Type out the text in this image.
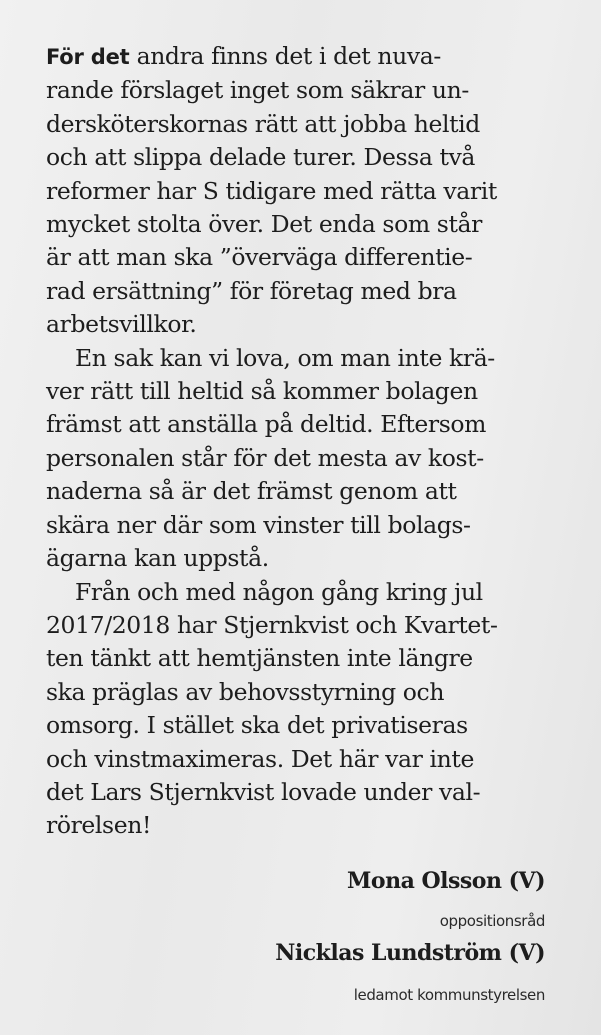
För det andra finns det i det nuva-
rande förslaget inget som säkrar un-
dersköterskornas rätt att jobba heltid
och att slippa delade turer. Dessa två
reformer har S tidigare med rätta varit
mycket stolta över. Det enda som står
är att man ska ”överväga differentie-
rad ersättning” för företag med bra
arbetsvillkor.
En sak kan vi lova, om man inte krä-
ver rätt till heltid så kommer bolagen
främst att anställa på deltid. Eftersom
personalen står för det mesta av kost-
naderna så är det främst genom att
skära ner där som vinster till bolags-
ägarna kan uppstå.
Från och med någon gång kring jul
2017/2018 har Stjernkvist och Kvartet-
ten tänkt att hemtjänsten inte längre
ska präglas av behovsstyrning och
omsorg. I stället ska det privatiseras
och vinstmaximeras. Det här var inte
det Lars Stjernkvist lovade under val-
rörelsen!
Mona Olsson (V)
oppositionsråd
Nicklas Lundström (V)
ledamot kommunstyrelsen
